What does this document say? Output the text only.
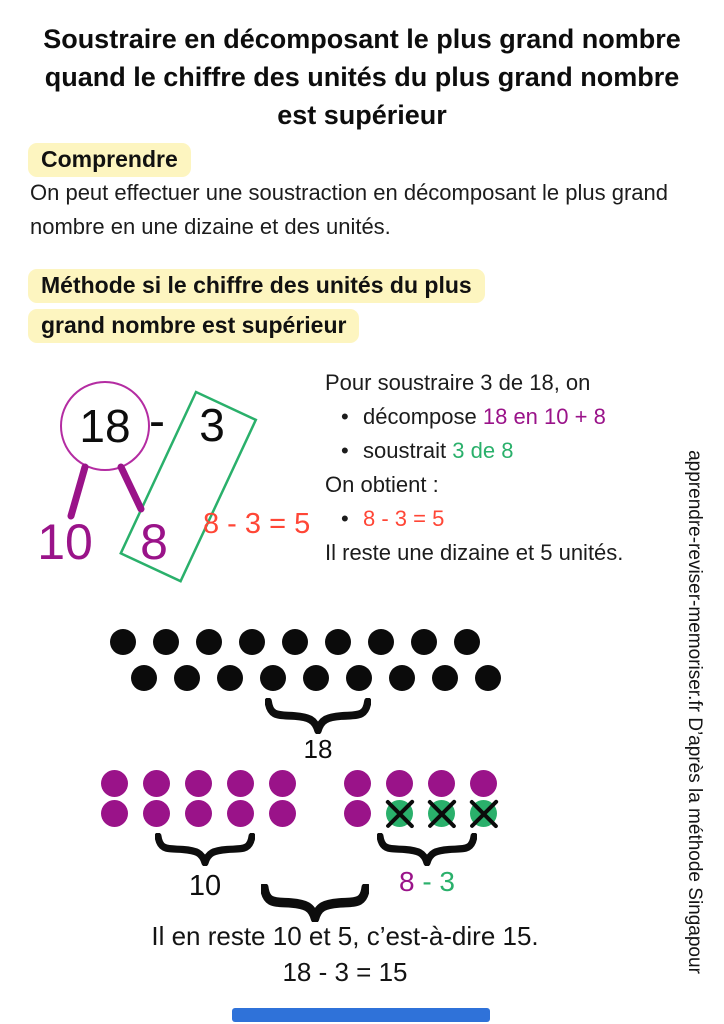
Soustraire en décomposant le plus grand nombre
quand le chiffre des unités du plus grand nombre
est supérieur
Comprendre
On peut effectuer une soustraction en décomposant le plus grand nombre en une dizaine et des unités.
Méthode si le chiffre des unités du plus grand nombre est supérieur
18 - 3
10 8 8 - 3 = 5
Pour soustraire 3 de 18, on
• décompose 18 en 10 + 8
• soustrait 3 de 8
On obtient :
• 8 - 3 = 5
Il reste une dizaine et 5 unités.
18
10	8 - 3
Il en reste 10 et 5, c’est-à-dire 15.
18 - 3 = 15	apprendre-reviser-memoriser.fr D’après la méthode Singapour
